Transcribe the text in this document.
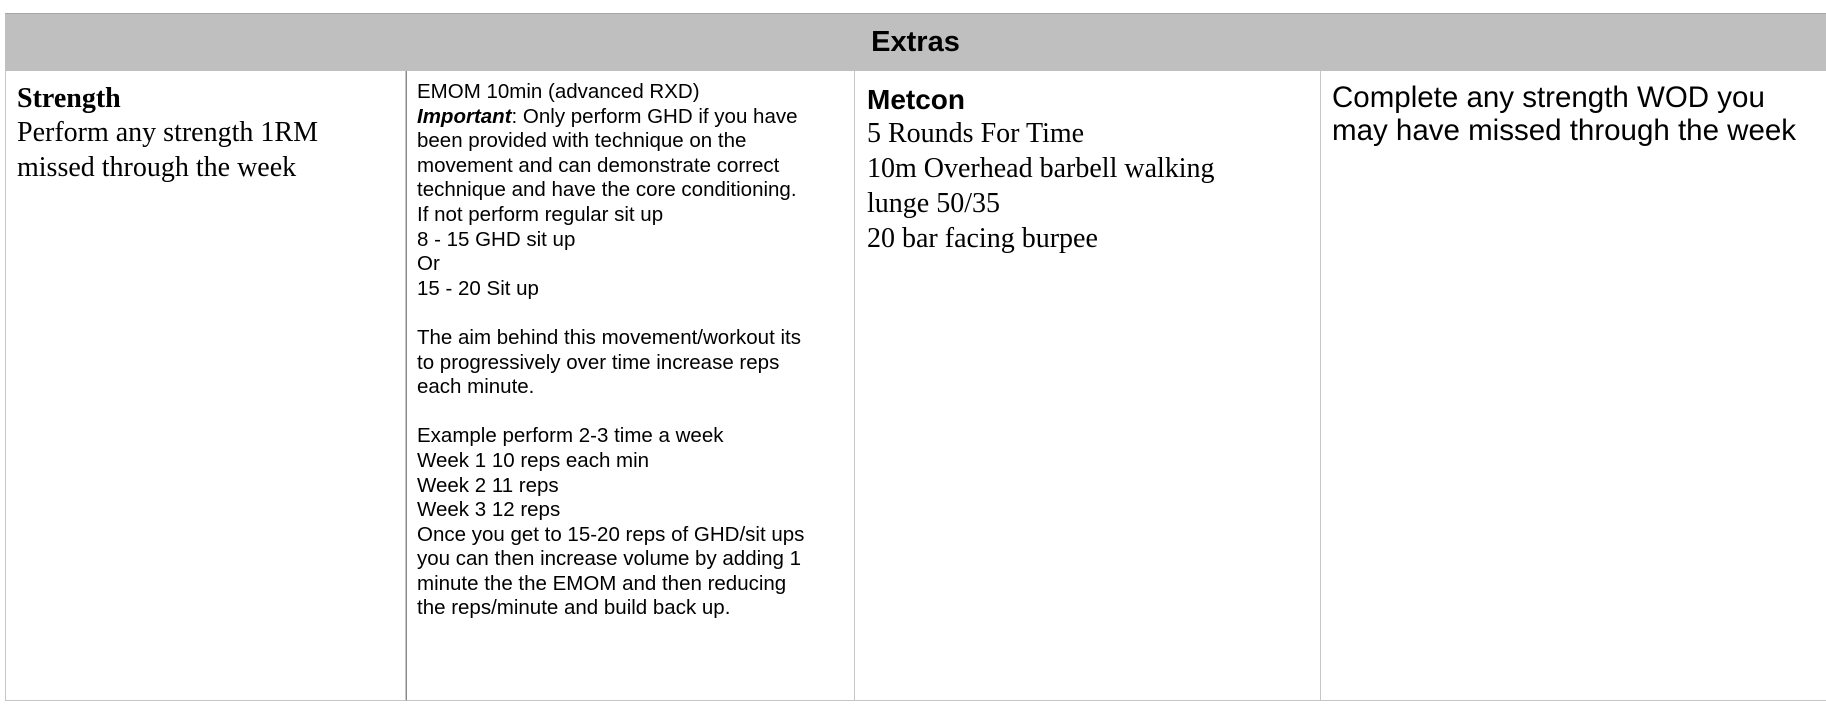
Extras
Strength
Perform any strength 1RM
missed through the week
EMOM 10min (advanced RXD)
Important: Only perform GHD if you have
been provided with technique on the
movement and can demonstrate correct
technique and have the core conditioning.
If not perform regular sit up
8 - 15 GHD sit up
Or
15 - 20 Sit up
The aim behind this movement/workout its
to progressively over time increase reps
each minute.
Example perform 2-3 time a week
Week 1 10 reps each min
Week 2 11 reps
Week 3 12 reps
Once you get to 15-20 reps of GHD/sit ups
you can then increase volume by adding 1
minute the the EMOM and then reducing
the reps/minute and build back up.
Metcon
5 Rounds For Time
10m Overhead barbell walking
lunge 50/35
20 bar facing burpee
Complete any strength WOD you
may have missed through the week
